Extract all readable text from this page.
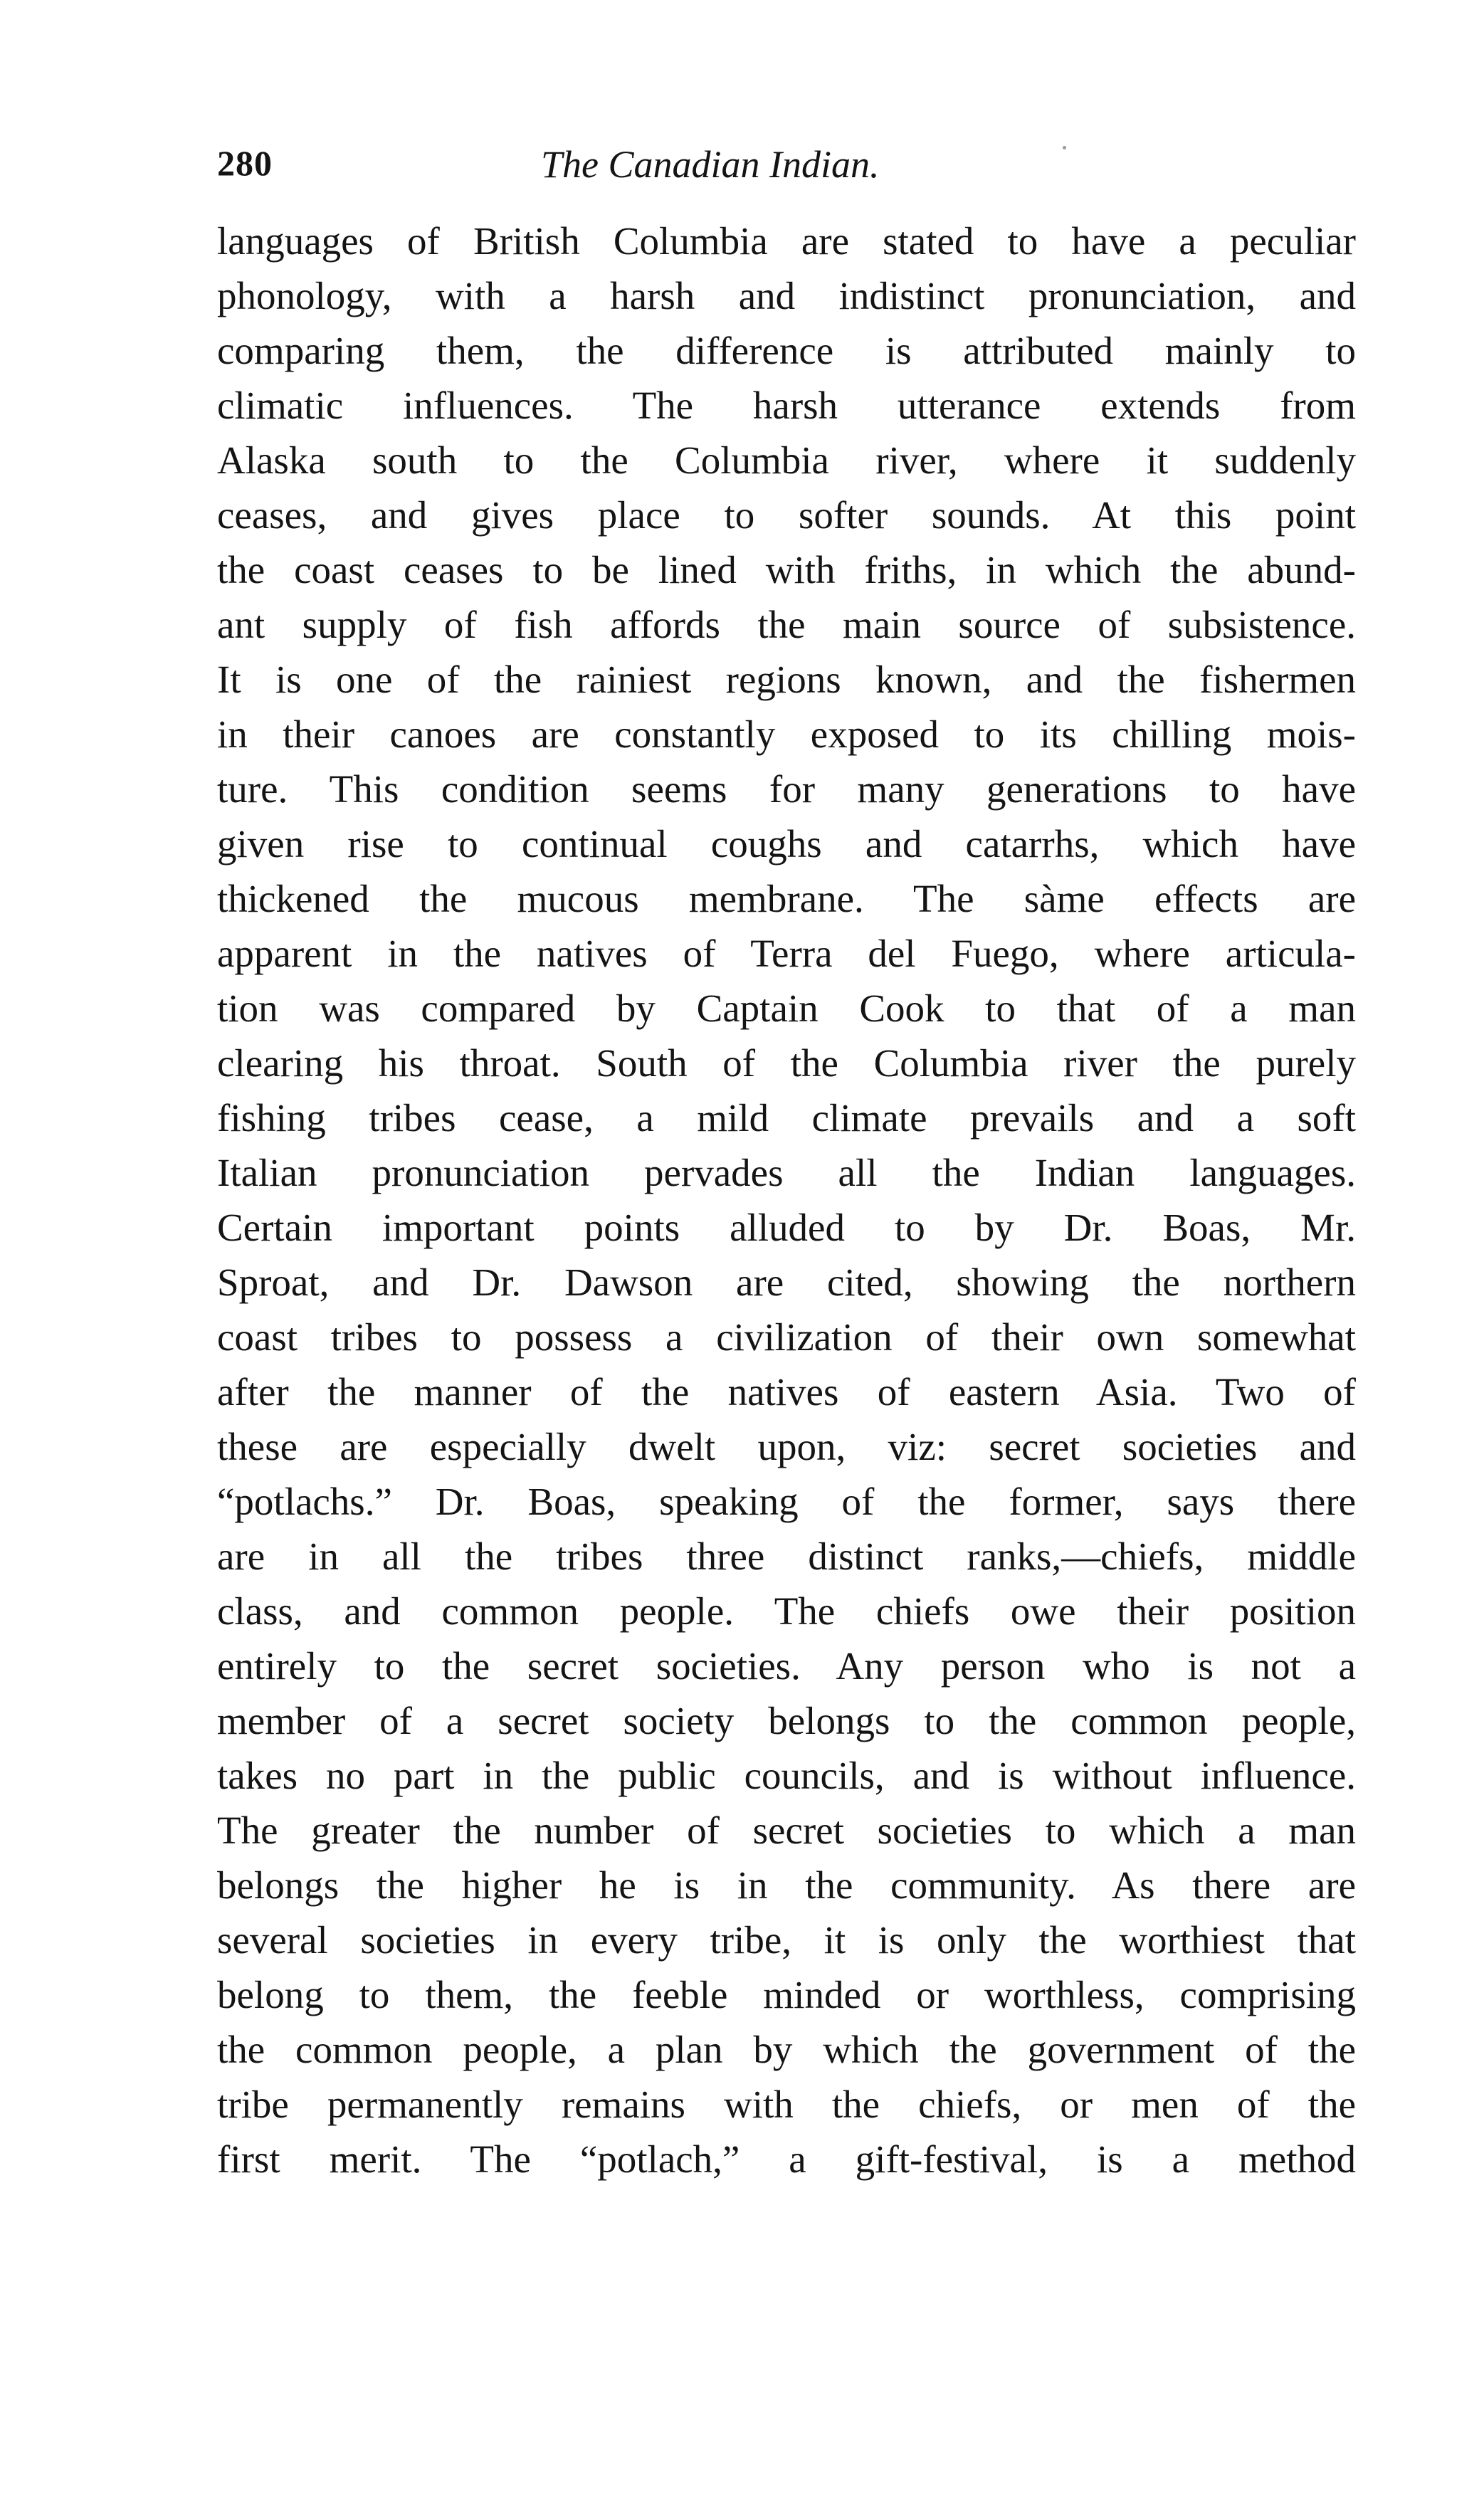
280	The Canadian Indian.
languages of British Columbia are stated to have a peculiar
phonology, with a harsh and indistinct pronunciation, and
comparing them, the difference is attributed mainly to
climatic influences. The harsh utterance extends from
Alaska south to the Columbia river, where it suddenly
ceases, and gives place to softer sounds. At this point
the coast ceases to be lined with friths, in which the abund-
ant supply of fish affords the main source of subsistence.
It is one of the rainiest regions known, and the fishermen
in their canoes are constantly exposed to its chilling mois-
ture. This condition seems for many generations to have
given rise to continual coughs and catarrhs, which have
thickened the mucous membrane. The sàme effects are
apparent in the natives of Terra del Fuego, where articula-
tion was compared by Captain Cook to that of a man
clearing his throat. South of the Columbia river the purely
fishing tribes cease, a mild climate prevails and a soft
Italian pronunciation pervades all the Indian languages.
Certain important points alluded to by Dr. Boas, Mr.
Sproat, and Dr. Dawson are cited, showing the northern
coast tribes to possess a civilization of their own somewhat
after the manner of the natives of eastern Asia. Two of
these are especially dwelt upon, viz: secret societies and
“potlachs.” Dr. Boas, speaking of the former, says there
are in all the tribes three distinct ranks,—chiefs, middle
class, and common people. The chiefs owe their position
entirely to the secret societies. Any person who is not a
member of a secret society belongs to the common people,
takes no part in the public councils, and is without influence.
The greater the number of secret societies to which a man
belongs the higher he is in the community. As there are
several societies in every tribe, it is only the worthiest that
belong to them, the feeble minded or worthless, comprising
the common people, a plan by which the government of the
tribe permanently remains with the chiefs, or men of the
first merit. The “potlach,” a gift-festival, is a method
